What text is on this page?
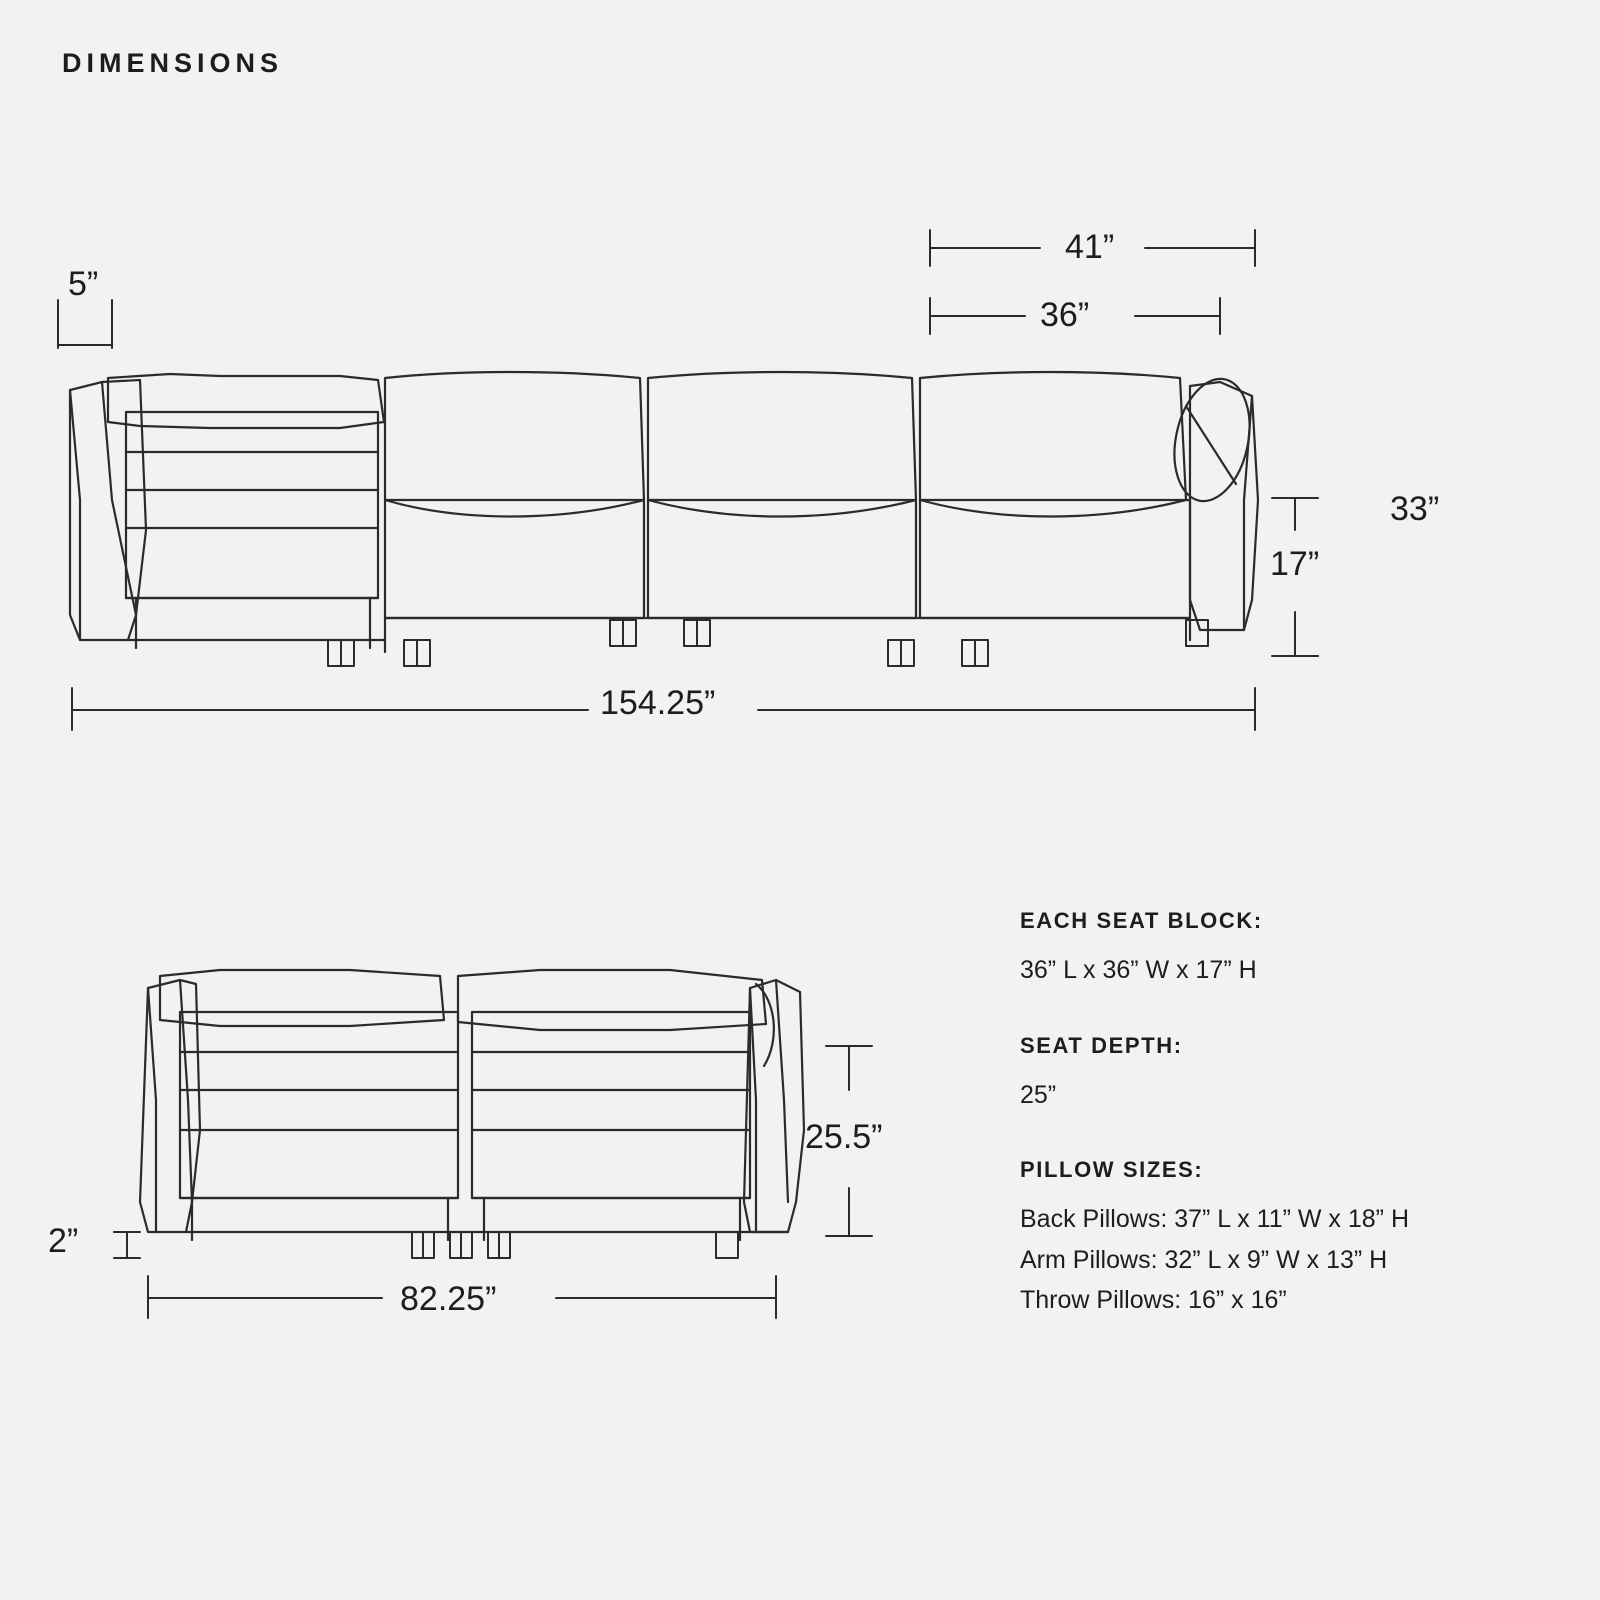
DIMENSIONS
5”
41”
36”
33”
17”
154.25”
2”
25.5”
82.25”
EACH SEAT BLOCK:
36” L x 36” W x 17” H
SEAT DEPTH:
25”
PILLOW SIZES:
Back Pillows: 37” L x 11” W x 18” H
Arm Pillows: 32” L x 9” W x 13” H
Throw Pillows: 16” x 16”
